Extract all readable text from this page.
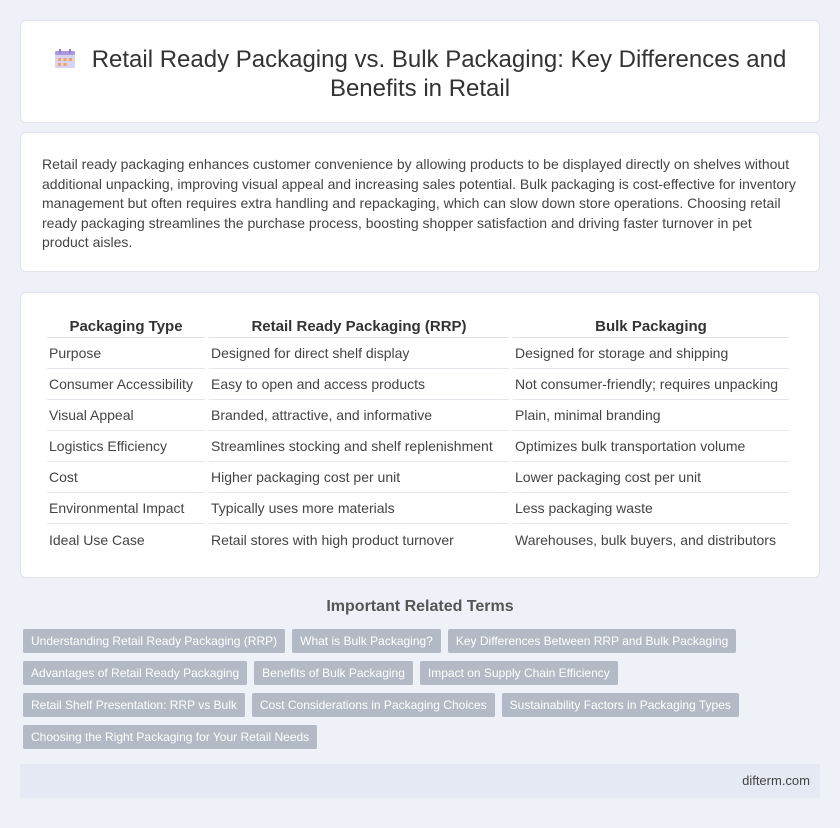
Retail Ready Packaging vs. Bulk Packaging: Key Differences and Benefits in Retail

Retail ready packaging enhances customer convenience by allowing products to be displayed directly on shelves without additional unpacking, improving visual appeal and increasing sales potential. Bulk packaging is cost-effective for inventory management but often requires extra handling and repackaging, which can slow down store operations. Choosing retail ready packaging streamlines the purchase process, boosting shopper satisfaction and driving faster turnover in pet product aisles.

Packaging Type	Retail Ready Packaging (RRP)	Bulk Packaging
Purpose	Designed for direct shelf display	Designed for storage and shipping
Consumer Accessibility	Easy to open and access products	Not consumer-friendly; requires unpacking
Visual Appeal	Branded, attractive, and informative	Plain, minimal branding
Logistics Efficiency	Streamlines stocking and shelf replenishment	Optimizes bulk transportation volume
Cost	Higher packaging cost per unit	Lower packaging cost per unit
Environmental Impact	Typically uses more materials	Less packaging waste
Ideal Use Case	Retail stores with high product turnover	Warehouses, bulk buyers, and distributors
Important Related Terms
Understanding Retail Ready Packaging (RRP) What is Bulk Packaging? Key Differences Between RRP and Bulk Packaging
Advantages of Retail Ready Packaging Benefits of Bulk Packaging Impact on Supply Chain Efficiency
Retail Shelf Presentation: RRP vs Bulk Cost Considerations in Packaging Choices Sustainability Factors in Packaging Types
Choosing the Right Packaging for Your Retail Needs
difterm.com
